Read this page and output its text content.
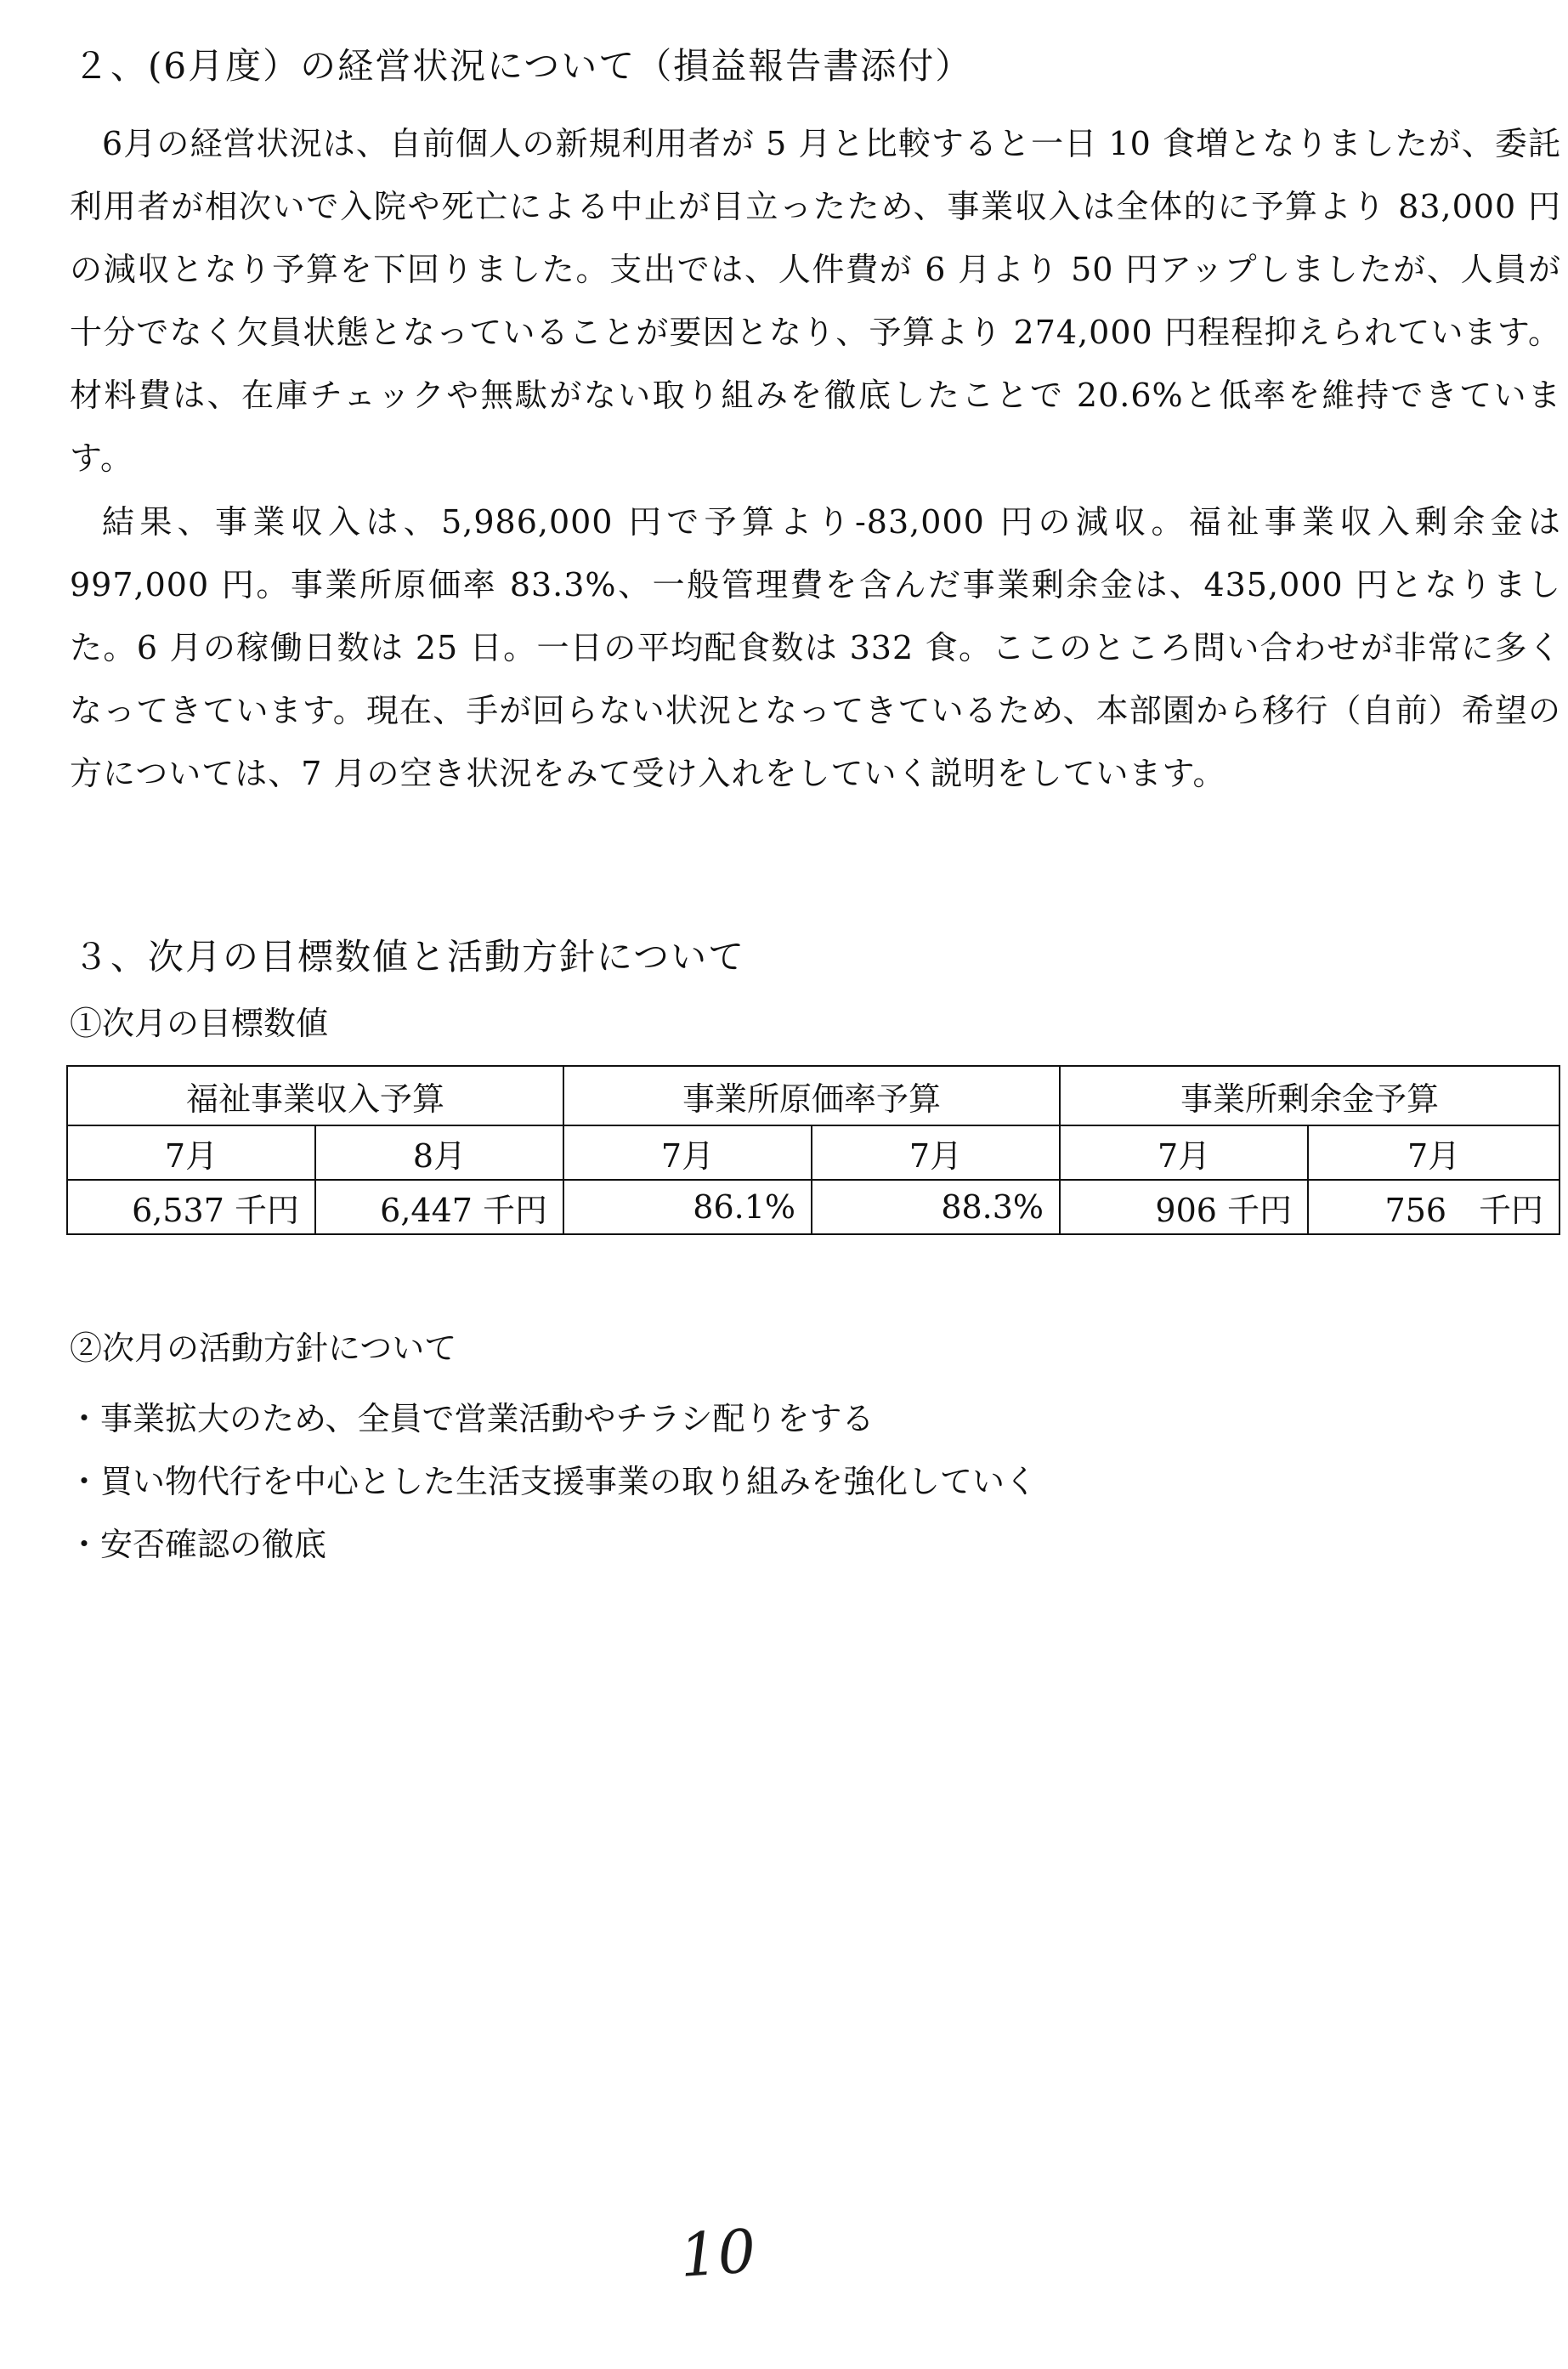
２、(6月度）の経営状況について（損益報告書添付）
6月の経営状況は、自前個人の新規利用者が 5 月と比較すると一日 10 食増となりましたが、委託利用者が相次いで入院や死亡による中止が目立ったため、事業収入は全体的に予算より 83,000 円の減収となり予算を下回りました。支出では、人件費が 6 月より 50 円アップしましたが、人員が十分でなく欠員状態となっていることが要因となり、予算より 274,000 円程程抑えられています。材料費は、在庫チェックや無駄がない取り組みを徹底したことで 20.6%と低率を維持できています。
結果、事業収入は、5,986,000 円で予算より-83,000 円の減収。福祉事業収入剰余金は 997,000 円。事業所原価率 83.3%、一般管理費を含んだ事業剰余金は、435,000 円となりました。6 月の稼働日数は 25 日。一日の平均配食数は 332 食。ここのところ問い合わせが非常に多くなってきています。現在、手が回らない状況となってきているため、本部園から移行（自前）希望の方については、7 月の空き状況をみて受け入れをしていく説明をしています。
３、次月の目標数値と活動方針について
①次月の目標数値
福祉事業収入予算		事業所原価率予算		事業所剰余金予算	
7月	8月	7月	7月	7月	7月
6,537 千円	6,447 千円	86.1%	88.3%	906 千円	756　千円
②次月の活動方針について
・事業拡大のため、全員で営業活動やチラシ配りをする
・買い物代行を中心とした生活支援事業の取り組みを強化していく
・安否確認の徹底
10
